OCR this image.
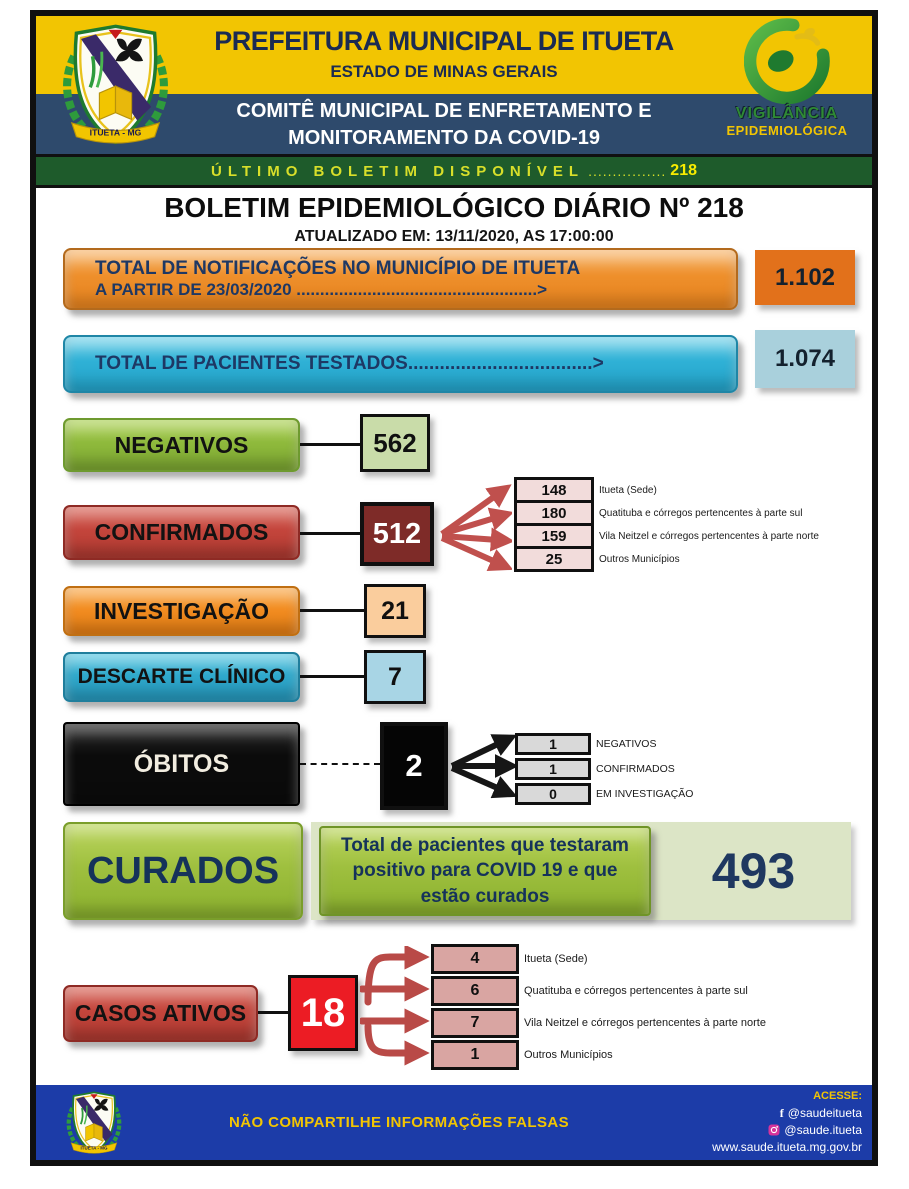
PREFEITURA MUNICIPAL DE ITUETA
ESTADO DE MINAS GERAIS
COMITÊ MUNICIPAL DE ENFRETAMENTO E
MONITORAMENTO DA COVID-19
VIGILÂNCIA
EPIDEMIOLÓGICA
ÚLTIMO BOLETIM DISPONÍVEL ................ 218
BOLETIM EPIDEMIOLÓGICO DIÁRIO Nº 218
ATUALIZADO EM: 13/11/2020, AS 17:00:00
TOTAL DE NOTIFICAÇÕES NO MUNICÍPIO DE ITUETA
A PARTIR DE 23/03/2020 ...................................................>	1.102
TOTAL DE PACIENTES TESTADOS...................................>	1.074
NEGATIVOS	562
CONFIRMADOS	512
148	Itueta (Sede)
180	Quatituba e córregos pertencentes à parte sul
159	Vila Neitzel e córregos pertencentes à parte norte
25	Outros Municípios
INVESTIGAÇÃO	21
DESCARTE CLÍNICO	7
ÓBITOS	2
1	NEGATIVOS
1	CONFIRMADOS
0	EM INVESTIGAÇÃO
CURADOS
Total de pacientes que testaram positivo para COVID 19 e que estão curados	493
CASOS ATIVOS	18
4	Itueta (Sede)
6	Quatituba e córregos pertencentes à parte sul
7	Vila Neitzel e córregos pertencentes à parte norte
1	Outros Municípios
NÃO COMPARTILHE INFORMAÇÕES FALSAS
ACESSE:
f @saudeitueta
@saude.itueta
www.saude.itueta.mg.gov.br
